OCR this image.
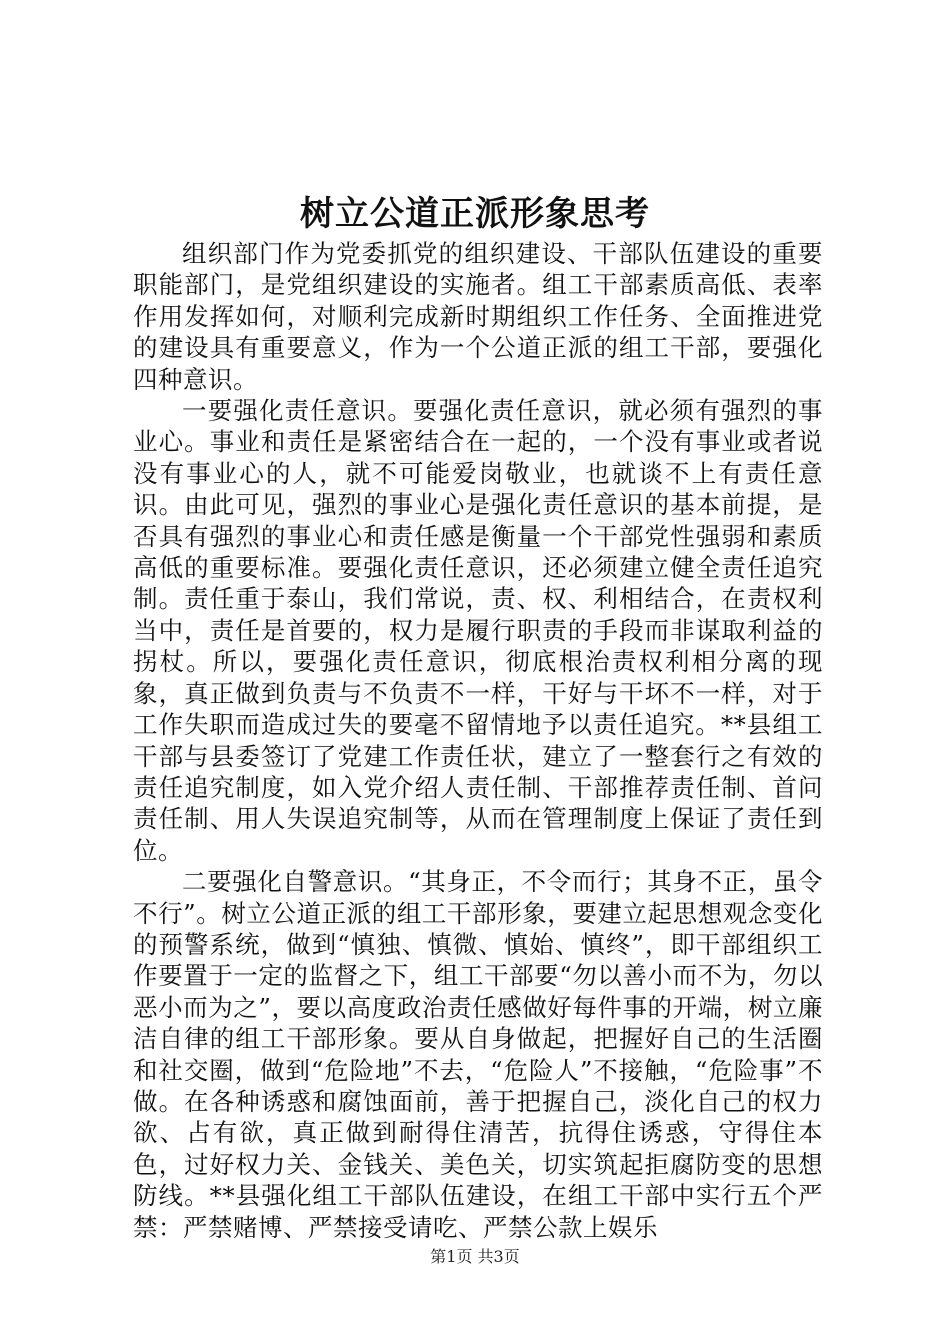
树立公道正派形象思考

组织部门作为党委抓党的组织建设、干部队伍建设的重要职能部门，是党组织建设的实施者。组工干部素质高低、表率作用发挥如何，对顺利完成新时期组织工作任务、全面推进党的建设具有重要意义，作为一个公道正派的组工干部，要强化四种意识。

一要强化责任意识。要强化责任意识，就必须有强烈的事业心。事业和责任是紧密结合在一起的，一个没有事业或者说没有事业心的人，就不可能爱岗敬业，也就谈不上有责任意识。由此可见，强烈的事业心是强化责任意识的基本前提，是否具有强烈的事业心和责任感是衡量一个干部党性强弱和素质高低的重要标准。要强化责任意识，还必须建立健全责任追究制。责任重于泰山，我们常说，责、权、利相结合，在责权利当中，责任是首要的，权力是履行职责的手段而非谋取利益的拐杖。所以，要强化责任意识，彻底根治责权利相分离的现象，真正做到负责与不负责不一样，干好与干坏不一样，对于工作失职而造成过失的要毫不留情地予以责任追究。**县组工干部与县委签订了党建工作责任状，建立了一整套行之有效的责任追究制度，如入党介绍人责任制、干部推荐责任制、首问责任制、用人失误追究制等，从而在管理制度上保证了责任到位。

二要强化自警意识。“其身正，不令而行；其身不正，虽令不行”。树立公道正派的组工干部形象，要建立起思想观念变化的预警系统，做到“慎独、慎微、慎始、慎终”，即干部组织工作要置于一定的监督之下，组工干部要“勿以善小而不为，勿以恶小而为之”，要以高度政治责任感做好每件事的开端，树立廉洁自律的组工干部形象。要从自身做起，把握好自己的生活圈和社交圈，做到“危险地”不去，“危险人”不接触，“危险事”不做。在各种诱惑和腐蚀面前，善于把握自己，淡化自己的权力欲、占有欲，真正做到耐得住清苦，抗得住诱惑，守得住本色，过好权力关、金钱关、美色关，切实筑起拒腐防变的思想防线。**县强化组工干部队伍建设，在组工干部中实行五个严禁：严禁赌博、严禁接受请吃、严禁公款上娱乐

第1页 共3页
